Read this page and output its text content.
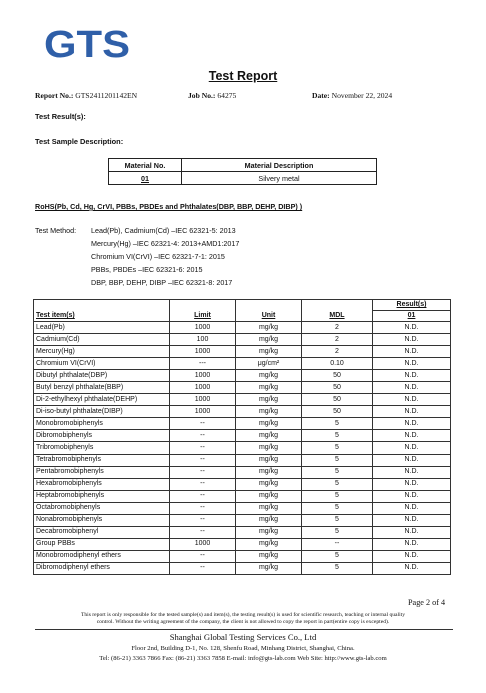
GTS
Test Report
Report No.: GTS2411201142EN	Job No.: 64275	Date: November 22, 2024
Test Result(s):
Test Sample Description:
Material No.	Material Description
01	Silvery metal
RoHS(Pb, Cd, Hg, CrVI, PBBs, PBDEs and Phthalates(DBP, BBP, DEHP, DIBP) )
Test Method: Lead(Pb), Cadmium(Cd) –IEC 62321-5: 2013
Mercury(Hg) –IEC 62321-4: 2013+AMD1:2017
Chromium VI(CrVI) –IEC 62321-7-1: 2015
PBBs, PBDEs –IEC 62321-6: 2015
DBP, BBP, DEHP, DIBP –IEC 62321-8: 2017
Test item(s)	Limit	Unit	MDL	Result(s)
				01
Lead(Pb)	1000	mg/kg	2	N.D.
Cadmium(Cd)	100	mg/kg	2	N.D.
Mercury(Hg)	1000	mg/kg	2	N.D.
Chromium VI(CrVI)	---	μg/cm²	0.10	N.D.
Dibutyl phthalate(DBP)	1000	mg/kg	50	N.D.
Butyl benzyl phthalate(BBP)	1000	mg/kg	50	N.D.
Di-2-ethylhexyl phthalate(DEHP)	1000	mg/kg	50	N.D.
Di-iso-butyl phthalate(DIBP)	1000	mg/kg	50	N.D.
Monobromobiphenyls	--	mg/kg	5	N.D.
Dibromobiphenyls	--	mg/kg	5	N.D.
Tribromobiphenyls	--	mg/kg	5	N.D.
Tetrabromobiphenyls	--	mg/kg	5	N.D.
Pentabromobiphenyls	--	mg/kg	5	N.D.
Hexabromobiphenyls	--	mg/kg	5	N.D.
Heptabromobiphenyls	--	mg/kg	5	N.D.
Octabromobiphenyls	--	mg/kg	5	N.D.
Nonabromobiphenyls	--	mg/kg	5	N.D.
Decabromobiphenyl	--	mg/kg	5	N.D.
Group PBBs	1000	mg/kg	--	N.D.
Monobromodiphenyl ethers	--	mg/kg	5	N.D.
Dibromodiphenyl ethers	--	mg/kg	5	N.D.
Page 2 of 4
This report is only responsible for the tested sample(s) and item(s), the testing result(s) is used for scientific research, teaching or internal quality
control. Without the writing agreement of the company, the client is not allowed to copy the report in part(entire copy is excepted).
Shanghai Global Testing Services Co., Ltd
Floor 2nd, Building D-1, No. 128, Shenfu Road, Minhang District, Shanghai, China.
Tel: (86-21) 3363 7866 Fax: (86-21) 3363 7858 E-mail: info@gts-lab.com Web Site: http://www.gts-lab.com
